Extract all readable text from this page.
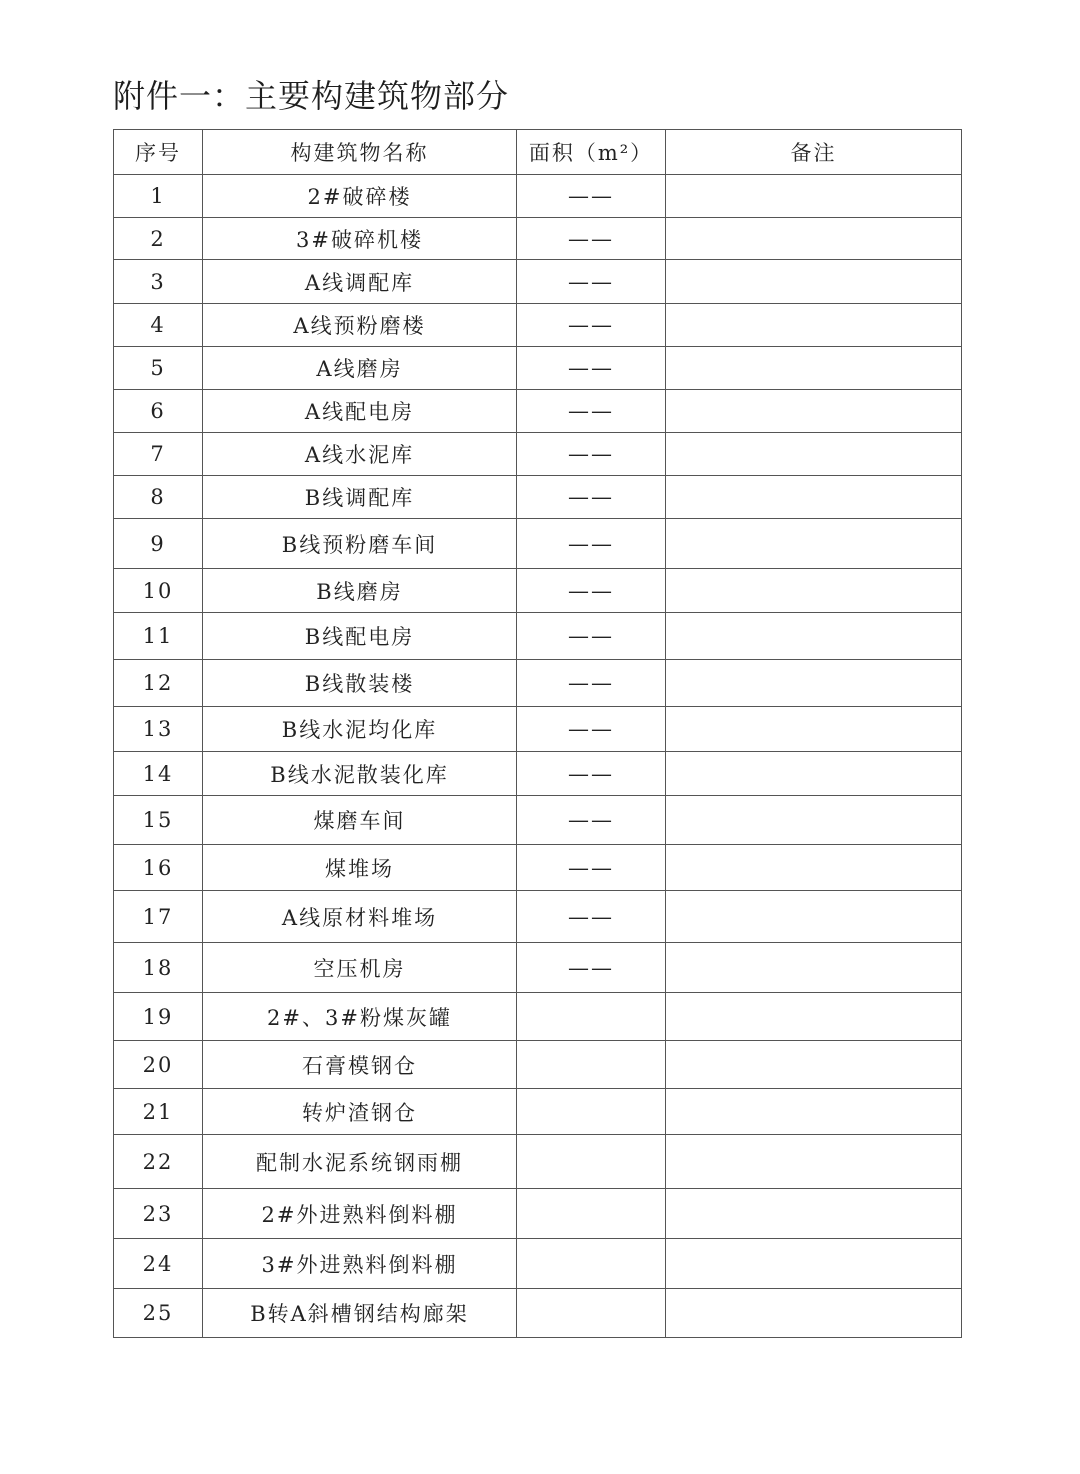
附件一：主要构建筑物部分
序号	构建筑物名称	面积（m²）	备注
1	2#破碎楼	——	
2	3#破碎机楼	——	
3	A线调配库	——	
4	A线预粉磨楼	——	
5	A线磨房	——	
6	A线配电房	——	
7	A线水泥库	——	
8	B线调配库	——	
9	B线预粉磨车间	——	
10	B线磨房	——	
11	B线配电房	——	
12	B线散装楼	——	
13	B线水泥均化库	——	
14	B线水泥散装化库	——	
15	煤磨车间	——	
16	煤堆场	——	
17	A线原材料堆场	——	
18	空压机房	——	
19	2#、3#粉煤灰罐		
20	石膏模钢仓		
21	转炉渣钢仓		
22	配制水泥系统钢雨棚		
23	2#外进熟料倒料棚		
24	3#外进熟料倒料棚		
25	B转A斜槽钢结构廊架		
